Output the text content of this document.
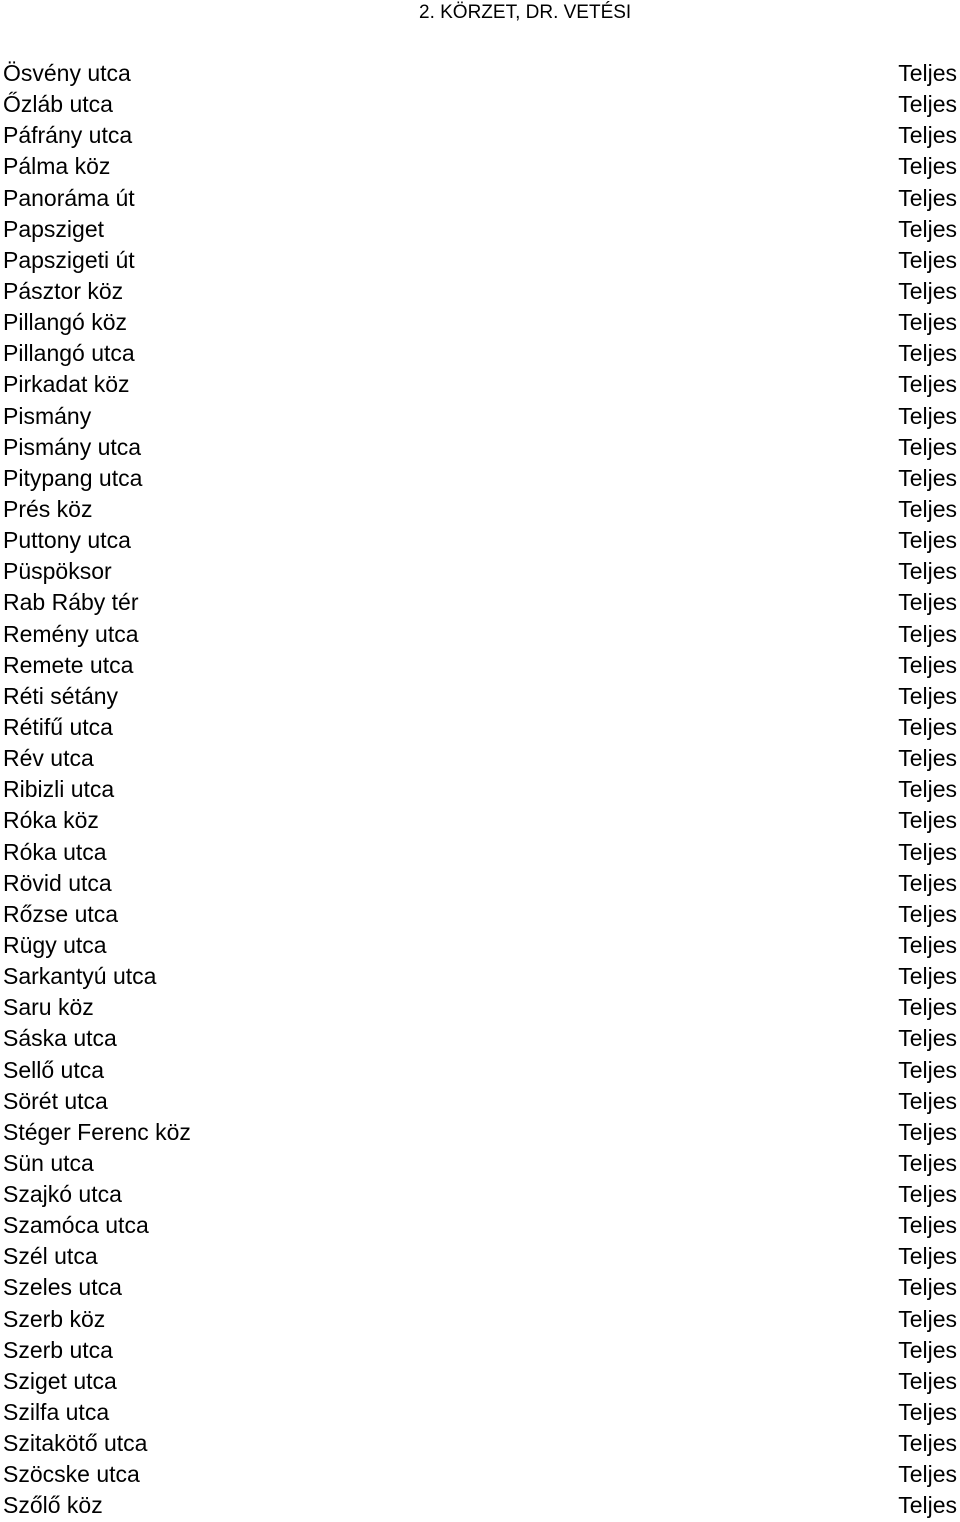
2. KÖRZET, DR. VETÉSI
Ösvény utca	Teljes
Őzláb utca	Teljes
Páfrány utca	Teljes
Pálma köz	Teljes
Panoráma út	Teljes
Papsziget	Teljes
Papszigeti út	Teljes
Pásztor köz	Teljes
Pillangó köz	Teljes
Pillangó utca	Teljes
Pirkadat köz	Teljes
Pismány	Teljes
Pismány utca	Teljes
Pitypang utca	Teljes
Prés köz	Teljes
Puttony utca	Teljes
Püspöksor	Teljes
Rab Ráby tér	Teljes
Remény utca	Teljes
Remete utca	Teljes
Réti sétány	Teljes
Rétifű utca	Teljes
Rév utca	Teljes
Ribizli utca	Teljes
Róka köz	Teljes
Róka utca	Teljes
Rövid utca	Teljes
Rőzse utca	Teljes
Rügy utca	Teljes
Sarkantyú utca	Teljes
Saru köz	Teljes
Sáska utca	Teljes
Sellő utca	Teljes
Sörét utca	Teljes
Stéger Ferenc köz	Teljes
Sün utca	Teljes
Szajkó utca	Teljes
Szamóca utca	Teljes
Szél utca	Teljes
Szeles utca	Teljes
Szerb köz	Teljes
Szerb utca	Teljes
Sziget utca	Teljes
Szilfa utca	Teljes
Szitakötő utca	Teljes
Szöcske utca	Teljes
Szőlő köz	Teljes
